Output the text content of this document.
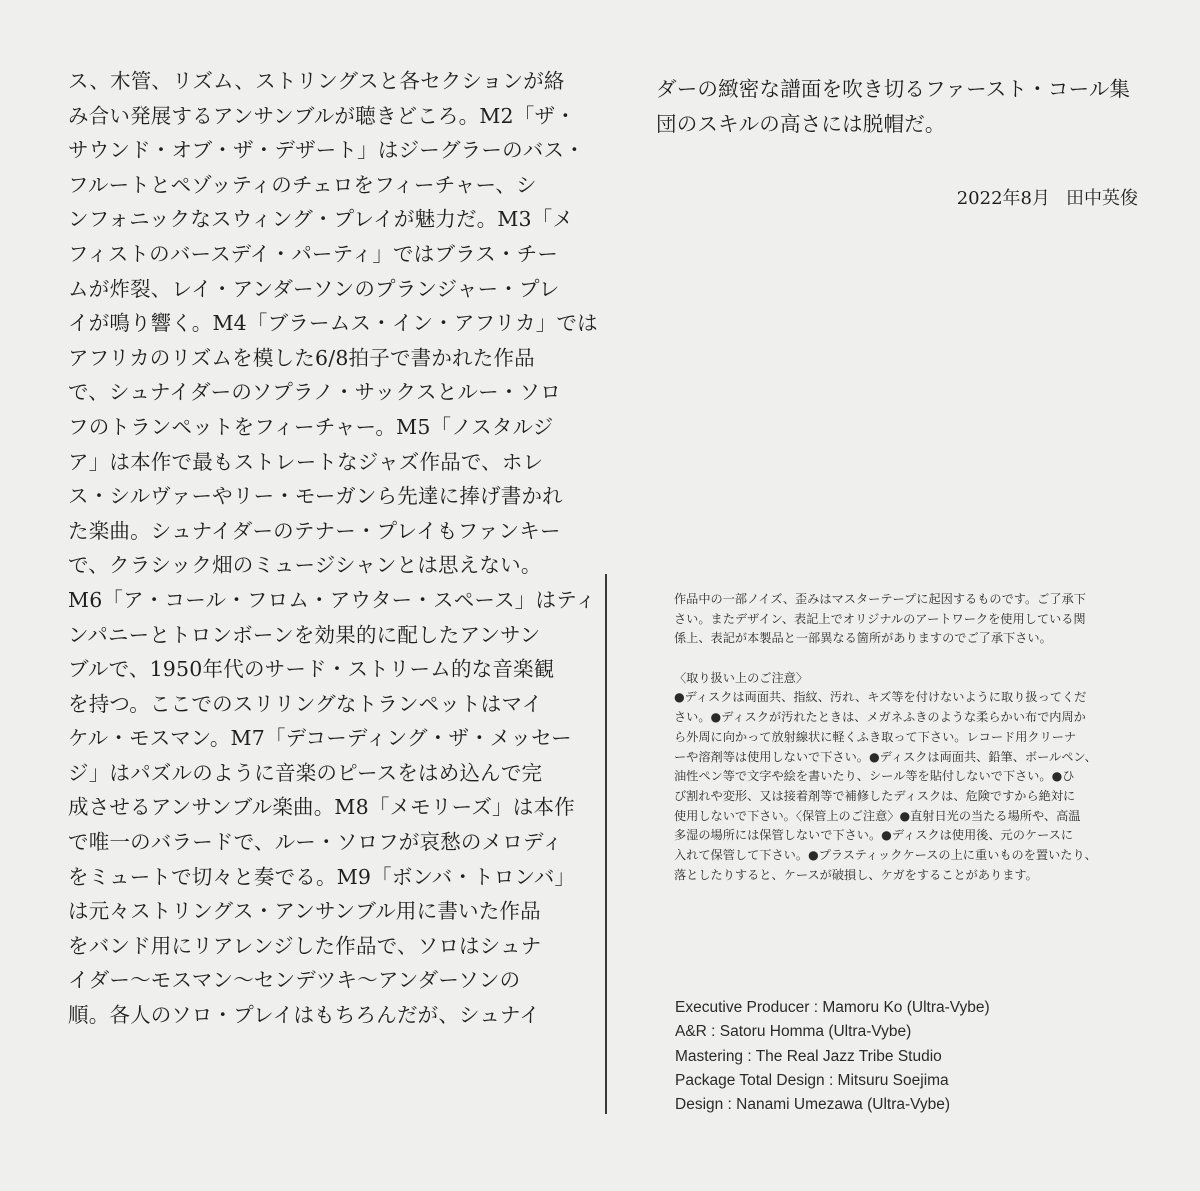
ス、木管、リズム、ストリングスと各セクションが絡
み合い発展するアンサンブルが聴きどころ。M2「ザ・
サウンド・オブ・ザ・デザート」はジーグラーのバス・
フルートとペゾッティのチェロをフィーチャー、シ
ンフォニックなスウィング・プレイが魅力だ。M3「メ
フィストのバースデイ・パーティ」ではブラス・チー
ムが炸裂、レイ・アンダーソンのプランジャー・プレ
イが鳴り響く。M4「ブラームス・イン・アフリカ」では
アフリカのリズムを模した6/8拍子で書かれた作品
で、シュナイダーのソプラノ・サックスとルー・ソロ
フのトランペットをフィーチャー。M5「ノスタルジ
ア」は本作で最もストレートなジャズ作品で、ホレ
ス・シルヴァーやリー・モーガンら先達に捧げ書かれ
た楽曲。シュナイダーのテナー・プレイもファンキー
で、クラシック畑のミュージシャンとは思えない。
M6「ア・コール・フロム・アウター・スペース」はティ
ンパニーとトロンボーンを効果的に配したアンサン
ブルで、1950年代のサード・ストリーム的な音楽観
を持つ。ここでのスリリングなトランペットはマイ
ケル・モスマン。M7「デコーディング・ザ・メッセー
ジ」はパズルのように音楽のピースをはめ込んで完
成させるアンサンブル楽曲。M8「メモリーズ」は本作
で唯一のバラードで、ルー・ソロフが哀愁のメロディ
をミュートで切々と奏でる。M9「ボンバ・トロンバ」
は元々ストリングス・アンサンブル用に書いた作品
をバンド用にリアレンジした作品で、ソロはシュナ
イダー〜モスマン〜センデツキ〜アンダーソンの
順。各人のソロ・プレイはもちろんだが、シュナイ
ダーの緻密な譜面を吹き切るファースト・コール集
団のスキルの高さには脱帽だ。
2022年8月 田中英俊
作品中の一部ノイズ、歪みはマスターテープに起因するものです。ご了承下
さい。またデザイン、表記上でオリジナルのアートワークを使用している関
係上、表記が本製品と一部異なる箇所がありますのでご了承下さい。
〈取り扱い上のご注意〉
●ディスクは両面共、指紋、汚れ、キズ等を付けないように取り扱ってくだ
さい。●ディスクが汚れたときは、メガネふきのような柔らかい布で内周か
ら外周に向かって放射線状に軽くふき取って下さい。レコード用クリーナ
ーや溶剤等は使用しないで下さい。●ディスクは両面共、鉛筆、ボールペン、
油性ペン等で文字や絵を書いたり、シール等を貼付しないで下さい。●ひ
び割れや変形、又は接着剤等で補修したディスクは、危険ですから絶対に
使用しないで下さい。〈保管上のご注意〉●直射日光の当たる場所や、高温
多湿の場所には保管しないで下さい。●ディスクは使用後、元のケースに
入れて保管して下さい。●プラスティックケースの上に重いものを置いたり、
落としたりすると、ケースが破損し、ケガをすることがあります。
Executive Producer : Mamoru Ko (Ultra-Vybe)
A&R : Satoru Homma (Ultra-Vybe)
Mastering : The Real Jazz Tribe Studio
Package Total Design : Mitsuru Soejima
Design : Nanami Umezawa (Ultra-Vybe)
